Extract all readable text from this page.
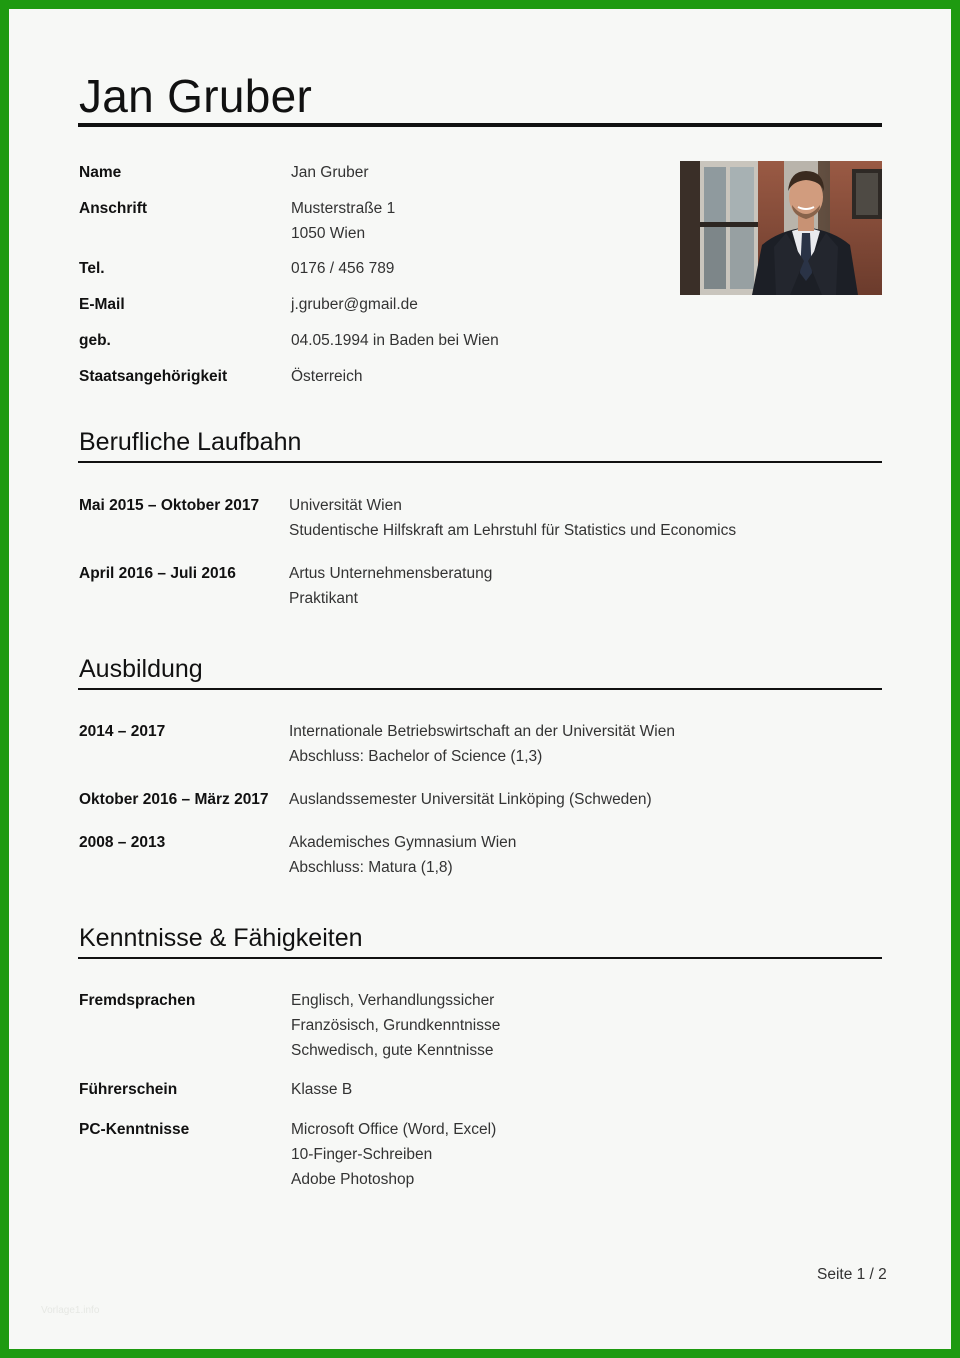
Jan Gruber
Name	Jan Gruber
Anschrift	Musterstraße 1
1050 Wien
Tel.	0176 / 456 789
E-Mail	j.gruber@gmail.de
geb.	04.05.1994 in Baden bei Wien
Staatsangehörigkeit	Österreich
Berufliche Laufbahn
Mai 2015 – Oktober 2017 Universität Wien
Studentische Hilfskraft am Lehrstuhl für Statistics und Economics
April 2016 – Juli 2016	Artus Unternehmensberatung
Praktikant
Ausbildung
2014 – 2017	Internationale Betriebswirtschaft an der Universität Wien
Abschluss: Bachelor of Science (1,3)
Oktober 2016 – März 2017 Auslandssemester Universität Linköping (Schweden)
2008 – 2013	Akademisches Gymnasium Wien
Abschluss: Matura (1,8)
Kenntnisse & Fähigkeiten
Fremdsprachen	Englisch, Verhandlungssicher
Französisch, Grundkenntnisse
Schwedisch, gute Kenntnisse
Führerschein	Klasse B
PC-Kenntnisse	Microsoft Office (Word, Excel)
10-Finger-Schreiben
Adobe Photoshop
Seite 1 / 2
Vorlage1.info
